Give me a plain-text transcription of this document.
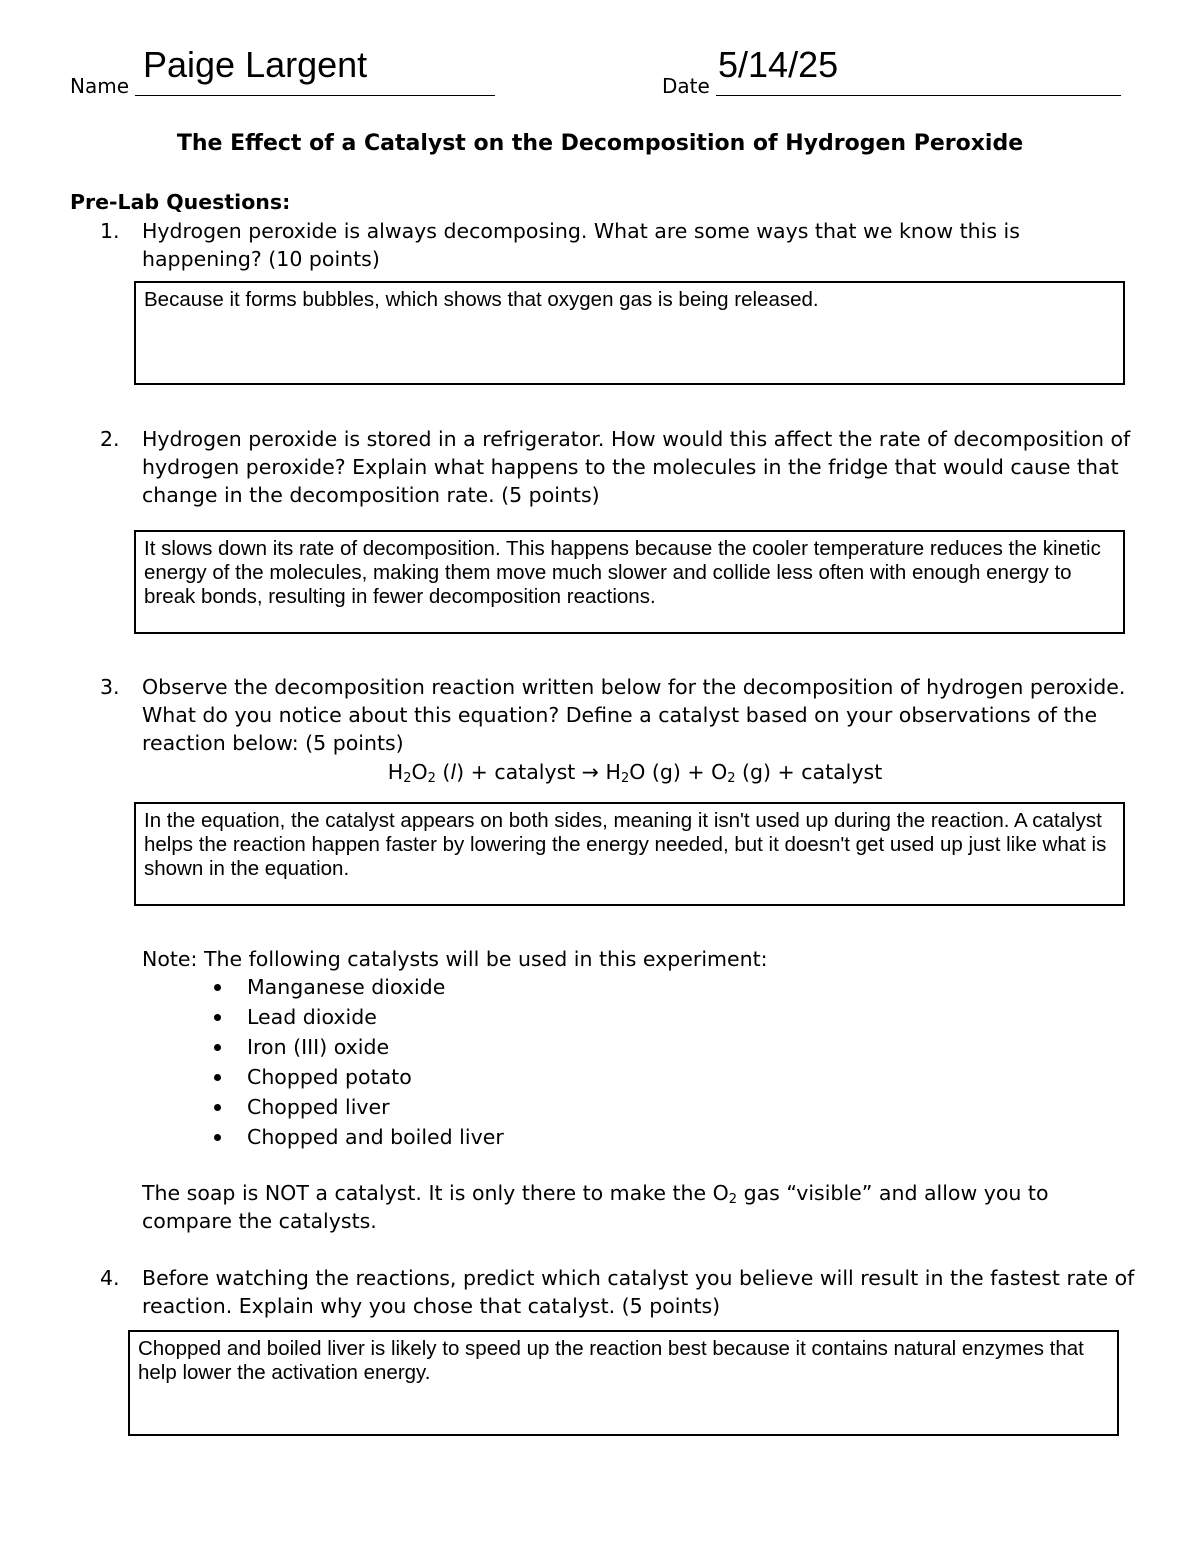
Name
Paige Largent
Date
5/14/25
The Effect of a Catalyst on the Decomposition of Hydrogen Peroxide
Pre-Lab Questions:
1. Hydrogen peroxide is always decomposing. What are some ways that we know this is happening? (10 points)
Because it forms bubbles, which shows that oxygen gas is being released.
2. Hydrogen peroxide is stored in a refrigerator. How would this affect the rate of decomposition of hydrogen peroxide? Explain what happens to the molecules in the fridge that would cause that change in the decomposition rate. (5 points)
It slows down its rate of decomposition. This happens because the cooler temperature reduces the kinetic energy of the molecules, making them move much slower and collide less often with enough energy to break bonds, resulting in fewer decomposition reactions.
3. Observe the decomposition reaction written below for the decomposition of hydrogen peroxide. What do you notice about this equation? Define a catalyst based on your observations of the reaction below: (5 points)
$H_2O_2$ (l) + catalyst → $H_2O$ $(g) + O_2$ (g) + catalyst
In the equation, the catalyst appears on both sides, meaning it isn't used up during the reaction. A catalyst helps the reaction happen faster by lowering the energy needed, but it doesn't get used up just like what is shown in the equation.
Note: The following catalysts will be used in this experiment:
Manganese dioxide
Lead dioxide
Iron (III) oxide
Chopped potato
Chopped liver
Chopped and boiled liver
The soap is NOT a catalyst. It is only there to make the $O_2$ gas “visible” and allow you to compare the catalysts.
4. Before watching the reactions, predict which catalyst you believe will result in the fastest rate of reaction. Explain why you chose that catalyst. (5 points)
Chopped and boiled liver is likely to speed up the reaction best because it contains natural enzymes that help lower the activation energy.
